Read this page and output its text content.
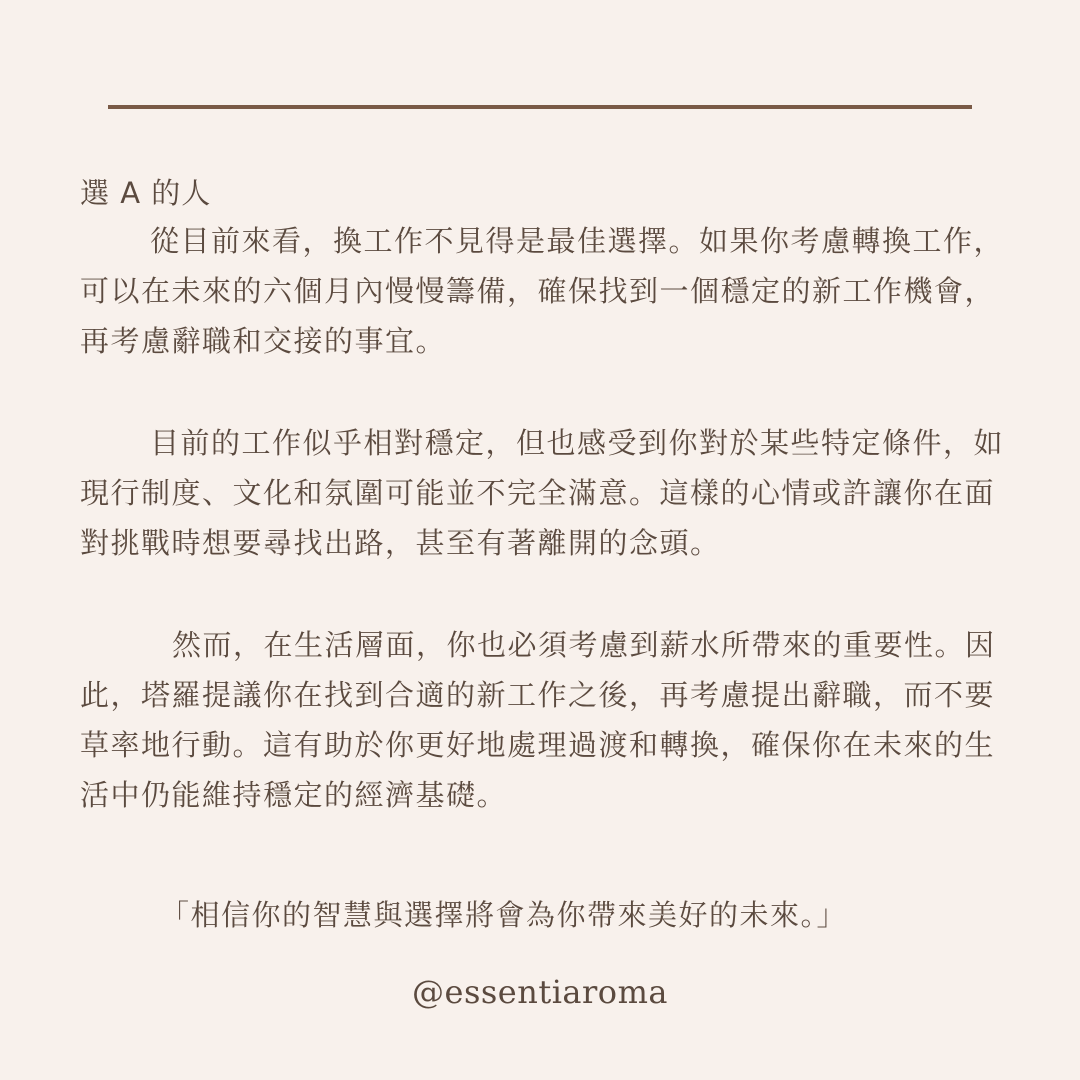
選 A 的人

從目前來看，換工作不見得是最佳選擇。如果你考慮轉換工作，可以在未來的六個月內慢慢籌備，確保找到一個穩定的新工作機會，再考慮辭職和交接的事宜。

目前的工作似乎相對穩定，但也感受到你對於某些特定條件，如現行制度、文化和氛圍可能並不完全滿意。這樣的心情或許讓你在面對挑戰時想要尋找出路，甚至有著離開的念頭。

然而，在生活層面，你也必須考慮到薪水所帶來的重要性。因此，塔羅提議你在找到合適的新工作之後，再考慮提出辭職，而不要草率地行動。這有助於你更好地處理過渡和轉換，確保你在未來的生活中仍能維持穩定的經濟基礎。

「相信你的智慧與選擇將會為你帶來美好的未來。」

@essentiaroma
